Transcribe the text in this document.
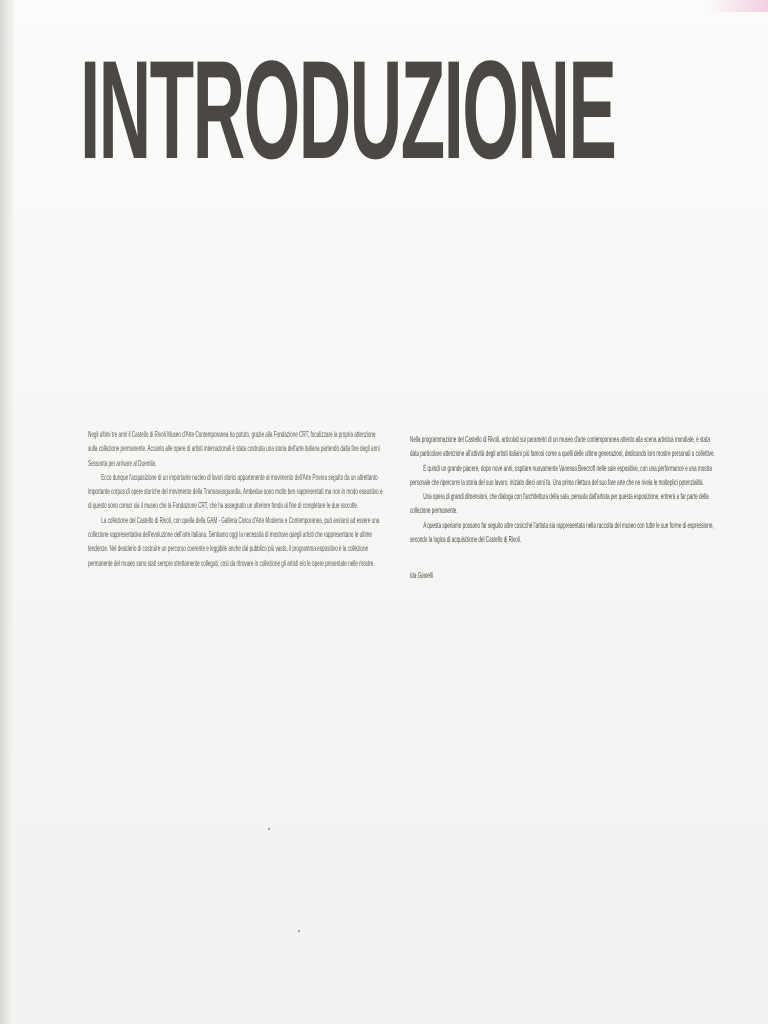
INTRODUZIONE

Negli ultimi tre anni il Castello di Rivoli Museo d'Arte Contemporanea ha potuto, grazie alla Fondazione CRT, focalizzare la propria attenzione sulla collezione permanente. Accanto alle opere di artisti internazionali è stata costruita una storia dell'arte italiana partendo dalla fine degli anni Sessanta per arrivare al Duemila.

Ecco dunque l'acquisizione di un importante nucleo di lavori storici appartenente al movimento dell'Arte Povera seguito da un altrettanto importante corpus di opere storiche del movimento della Transavanguardia. Ambedue sono molto ben rappresentati ma non in modo esaustivo e di questo sono consci sia il museo che la Fondazione CRT, che ha assegnato un ulteriore fondo al fine di completare le due raccolte.

La collezione del Castello di Rivoli, con quella della GAM - Galleria Civica d'Arte Moderna e Contemporanea, può avviarsi ad essere una collezione rappresentativa dell'evoluzione dell'arte italiana. Sentiamo oggi la necessità di mostrare quegli artisti che rappresentano le ultime tendenze. Nel desiderio di costruire un percorso coerente e leggibile anche dal pubblico più vasto, il programma espositivo e la collezione permanente del museo sono stati sempre strettamente collegati, così da ritrovare in collezione gli artisti e/o le opere presentate nelle mostre.

Nella programmazione del Castello di Rivoli, articolati sui parametri di un museo d'arte contemporanea attento alla scena artistica mondiale, è stata data particolare attenzione all'attività degli artisti italiani più famosi come a quelli delle ultime generazioni, dedicando loro mostre personali o collettive.

È quindi un grande piacere, dopo nove anni, ospitare nuovamente Vanessa Beecroft nelle sale espositive, con una performance e una mostra personale che ripercorre la storia del suo lavoro, iniziato dieci anni fa. Una prima rilettura del suo fare arte che ne rivela le molteplici potenzialità.

Una opera di grandi dimensioni, che dialoga con l'architettura della sala, pensata dall'artista per questa esposizione, entrerà a far parte della collezione permanente.

A questa speriamo possano far seguito altre cosicché l'artista sia rappresentata nella raccolta del museo con tutte le sue forme di espressione, secondo la logica di acquisizione del Castello di Rivoli.

Ida Gianelli
